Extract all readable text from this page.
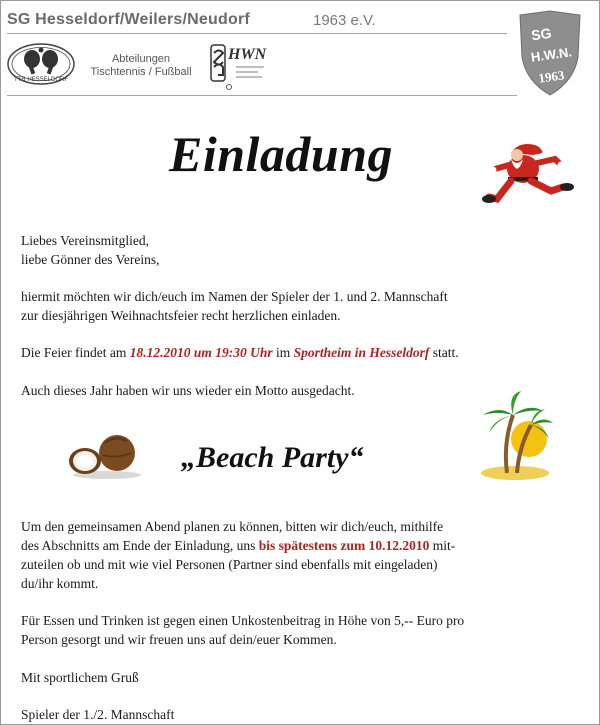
SG Hesseldorf/Weilers/Neudorf	1963 e.V.
TTR HESSELDORF
Abteilungen
Tischtennis / Fußball
HWN
SG
H.W.N.
1963
Einladung
Liebes Vereinsmitglied,
liebe Gönner des Vereins,
hiermit möchten wir dich/euch im Namen der Spieler der 1. und 2. Mannschaft
zur diesjährigen Weihnachtsfeier recht herzlichen einladen.
Die Feier findet am 18.12.2010 um 19:30 Uhr im Sportheim in Hesseldorf statt.
Auch dieses Jahr haben wir uns wieder ein Motto ausgedacht.
„Beach Party“
Um den gemeinsamen Abend planen zu können, bitten wir dich/euch, mithilfe
des Abschnitts am Ende der Einladung, uns bis spätestens zum 10.12.2010 mit-
zuteilen ob und mit wie viel Personen (Partner sind ebenfalls mit eingeladen)
du/ihr kommt.
Für Essen und Trinken ist gegen einen Unkostenbeitrag in Höhe von 5,-- Euro pro
Person gesorgt und wir freuen uns auf dein/euer Kommen.
Mit sportlichem Gruß
Spieler der 1./2. Mannschaft
